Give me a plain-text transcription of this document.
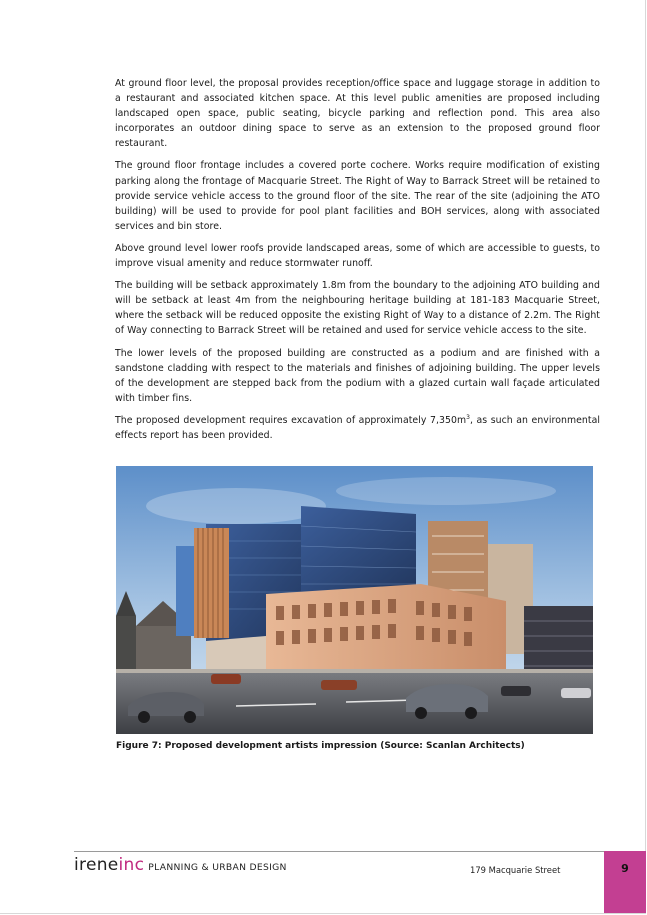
At ground floor level, the proposal provides reception/office space and luggage storage in addition to a restaurant and associated kitchen space. At this level public amenities are proposed including landscaped open space, public seating, bicycle parking and reflection pond. This area also incorporates an outdoor dining space to serve as an extension to the proposed ground floor restaurant.

The ground floor frontage includes a covered porte cochere. Works require modification of existing parking along the frontage of Macquarie Street. The Right of Way to Barrack Street will be retained to provide service vehicle access to the ground floor of the site. The rear of the site (adjoining the ATO building) will be used to provide for pool plant facilities and BOH services, along with associated services and bin store.

Above ground level lower roofs provide landscaped areas, some of which are accessible to guests, to improve visual amenity and reduce stormwater runoff.

The building will be setback approximately 1.8m from the boundary to the adjoining ATO building and will be setback at least 4m from the neighbouring heritage building at 181-183 Macquarie Street, where the setback will be reduced opposite the existing Right of Way to a distance of 2.2m. The Right of Way connecting to Barrack Street will be retained and used for service vehicle access to the site.

The lower levels of the proposed building are constructed as a podium and are finished with a sandstone cladding with respect to the materials and finishes of adjoining building. The upper levels of the development are stepped back from the podium with a glazed curtain wall façade articulated with timber fins.

The proposed development requires excavation of approximately $7,350m^3$, as such an environmental effects report has been provided.

Figure 7: Proposed development artists impression (Source: Scanlan Architects)
irene inc PLANNING & URBAN DESIGN	179 Macquarie Street	9
